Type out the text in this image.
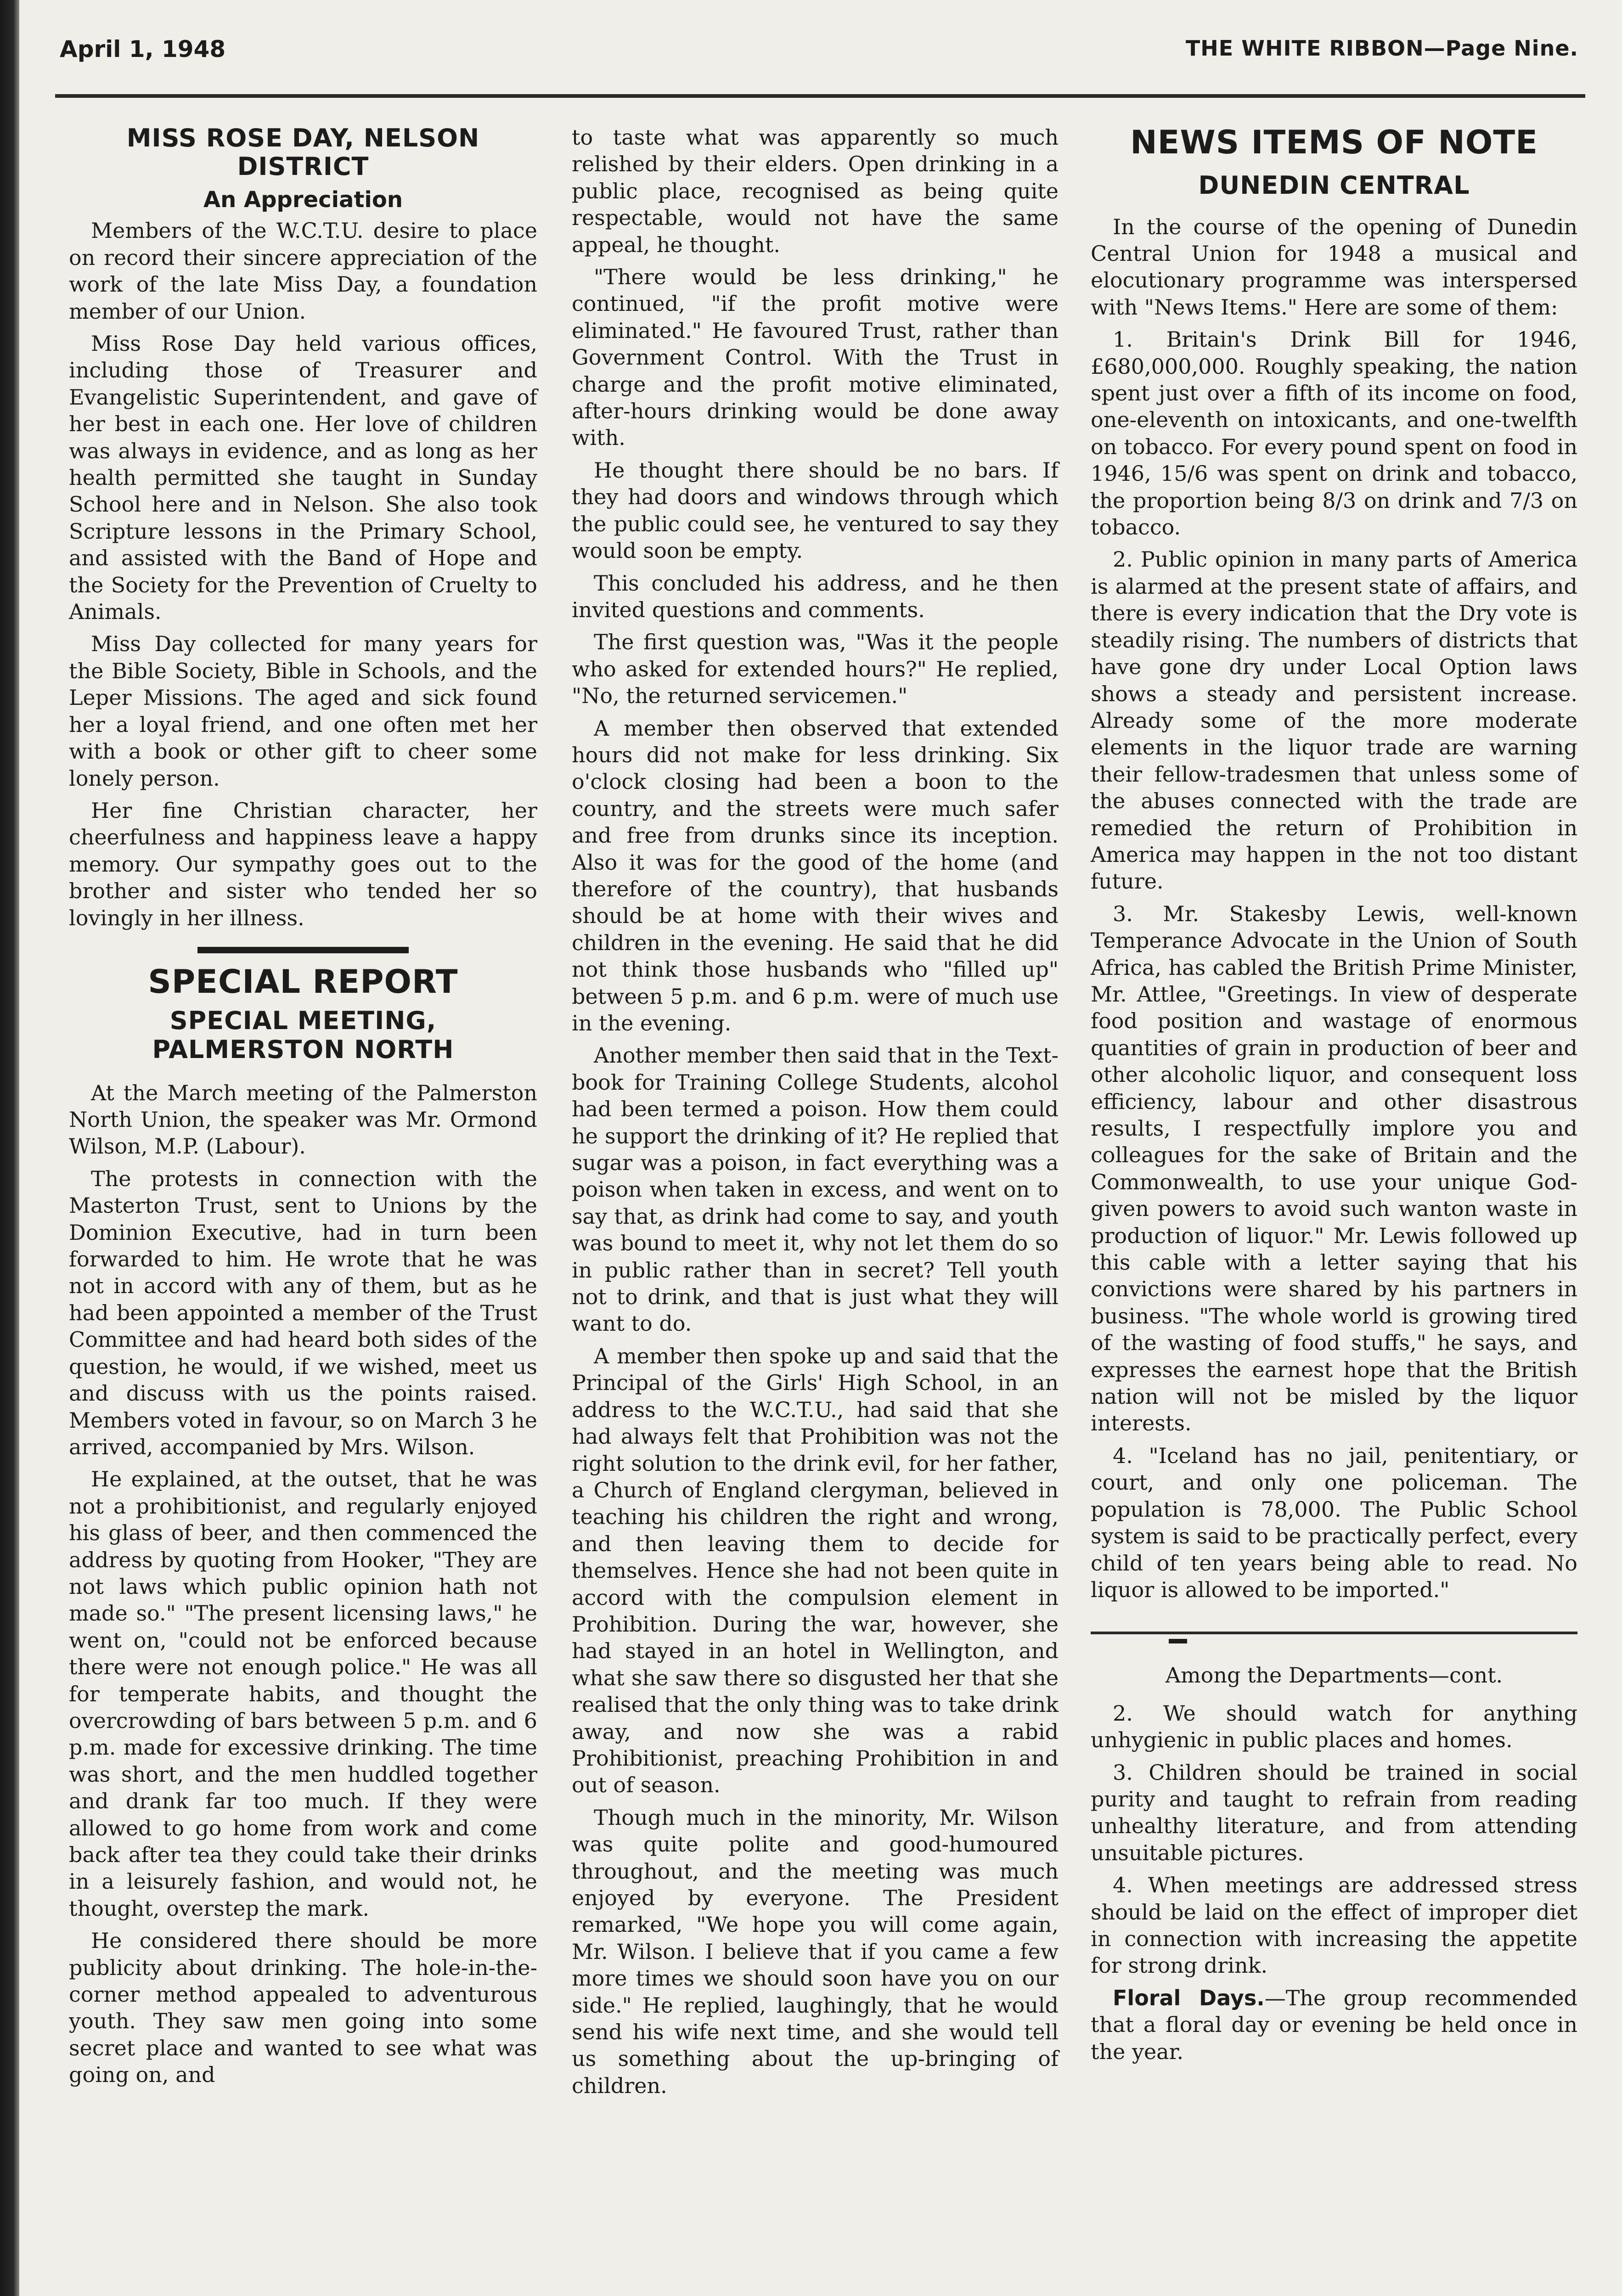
April 1, 1948	THE WHITE RIBBON—Page Nine.
MISS ROSE DAY, NELSON
DISTRICT
An Appreciation

Members of the W.C.T.U. desire to place on record their sincere appreciation of the work of the late Miss Day, a foundation member of our Union.

Miss Rose Day held various offices, including those of Treasurer and Evangelistic Superintendent, and gave of her best in each one. Her love of children was always in evidence, and as long as her health permitted she taught in Sunday School here and in Nelson. She also took Scripture lessons in the Primary School, and assisted with the Band of Hope and the Society for the Prevention of Cruelty to Animals.

Miss Day collected for many years for the Bible Society, Bible in Schools, and the Leper Missions. The aged and sick found her a loyal friend, and one often met her with a book or other gift to cheer some lonely person.

Her fine Christian character, her cheerfulness and happiness leave a happy memory. Our sympathy goes out to the brother and sister who tended her so lovingly in her illness.

SPECIAL REPORT
SPECIAL MEETING,
PALMERSTON NORTH

At the March meeting of the Palmerston North Union, the speaker was Mr. Ormond Wilson, M.P. (Labour).

The protests in connection with the Masterton Trust, sent to Unions by the Dominion Executive, had in turn been forwarded to him. He wrote that he was not in accord with any of them, but as he had been appointed a member of the Trust Committee and had heard both sides of the question, he would, if we wished, meet us and discuss with us the points raised. Members voted in favour, so on March 3 he arrived, accompanied by Mrs. Wilson.

He explained, at the outset, that he was not a prohibitionist, and regularly enjoyed his glass of beer, and then commenced the address by quoting from Hooker, "They are not laws which public opinion hath not made so." "The present licensing laws," he went on, "could not be enforced because there were not enough police." He was all for temperate habits, and thought the overcrowding of bars between 5 p.m. and 6 p.m. made for excessive drinking. The time was short, and the men huddled together and drank far too much. If they were allowed to go home from work and come back after tea they could take their drinks in a leisurely fashion, and would not, he thought, overstep the mark.

He considered there should be more publicity about drinking. The hole-in-the-corner method appealed to adventurous youth. They saw men going into some secret place and wanted to see what was going on, and

to taste what was apparently so much relished by their elders. Open drinking in a public place, recognised as being quite respectable, would not have the same appeal, he thought.

"There would be less drinking," he continued, "if the profit motive were eliminated." He favoured Trust, rather than Government Control. With the Trust in charge and the profit motive eliminated, after-hours drinking would be done away with.

He thought there should be no bars. If they had doors and windows through which the public could see, he ventured to say they would soon be empty.

This concluded his address, and he then invited questions and comments.

The first question was, "Was it the people who asked for extended hours?" He replied, "No, the returned servicemen."

A member then observed that extended hours did not make for less drinking. Six o'clock closing had been a boon to the country, and the streets were much safer and free from drunks since its inception. Also it was for the good of the home (and therefore of the country), that husbands should be at home with their wives and children in the evening. He said that he did not think those husbands who "filled up" between 5 p.m. and 6 p.m. were of much use in the evening.

Another member then said that in the Text-book for Training College Students, alcohol had been termed a poison. How them could he support the drinking of it? He replied that sugar was a poison, in fact everything was a poison when taken in excess, and went on to say that, as drink had come to say, and youth was bound to meet it, why not let them do so in public rather than in secret? Tell youth not to drink, and that is just what they will want to do.

A member then spoke up and said that the Principal of the Girls' High School, in an address to the W.C.T.U., had said that she had always felt that Prohibition was not the right solution to the drink evil, for her father, a Church of England clergyman, believed in teaching his children the right and wrong, and then leaving them to decide for themselves. Hence she had not been quite in accord with the compulsion element in Prohibition. During the war, however, she had stayed in an hotel in Wellington, and what she saw there so disgusted her that she realised that the only thing was to take drink away, and now she was a rabid Prohibitionist, preaching Prohibition in and out of season.

Though much in the minority, Mr. Wilson was quite polite and good-humoured throughout, and the meeting was much enjoyed by everyone. The President remarked, "We hope you will come again, Mr. Wilson. I believe that if you came a few more times we should soon have you on our side." He replied, laughingly, that he would send his wife next time, and she would tell us something about the up-bringing of children.

NEWS ITEMS OF NOTE
DUNEDIN CENTRAL

In the course of the opening of Dunedin Central Union for 1948 a musical and elocutionary programme was interspersed with "News Items." Here are some of them:

1. Britain's Drink Bill for 1946, £680,000,000. Roughly speaking, the nation spent just over a fifth of its income on food, one-eleventh on intoxicants, and one-twelfth on tobacco. For every pound spent on food in 1946, 15/6 was spent on drink and tobacco, the proportion being 8/3 on drink and 7/3 on tobacco.

2. Public opinion in many parts of America is alarmed at the present state of affairs, and there is every indication that the Dry vote is steadily rising. The numbers of districts that have gone dry under Local Option laws shows a steady and persistent increase. Already some of the more moderate elements in the liquor trade are warning their fellow-tradesmen that unless some of the abuses connected with the trade are remedied the return of Prohibition in America may happen in the not too distant future.

3. Mr. Stakesby Lewis, well-known Temperance Advocate in the Union of South Africa, has cabled the British Prime Minister, Mr. Attlee, "Greetings. In view of desperate food position and wastage of enormous quantities of grain in production of beer and other alcoholic liquor, and consequent loss efficiency, labour and other disastrous results, I respectfully implore you and colleagues for the sake of Britain and the Commonwealth, to use your unique God-given powers to avoid such wanton waste in production of liquor." Mr. Lewis followed up this cable with a letter saying that his convictions were shared by his partners in business. "The whole world is growing tired of the wasting of food stuffs," he says, and expresses the earnest hope that the British nation will not be misled by the liquor interests.

4. "Iceland has no jail, penitentiary, or court, and only one policeman. The population is 78,000. The Public School system is said to be practically perfect, every child of ten years being able to read. No liquor is allowed to be imported."

Among the Departments—cont.

2. We should watch for anything unhygienic in public places and homes.

3. Children should be trained in social purity and taught to refrain from reading unhealthy literature, and from attending unsuitable pictures.

4. When meetings are addressed stress should be laid on the effect of improper diet in connection with increasing the appetite for strong drink.

Floral Days.—The group recommended that a floral day or evening be held once in the year.
